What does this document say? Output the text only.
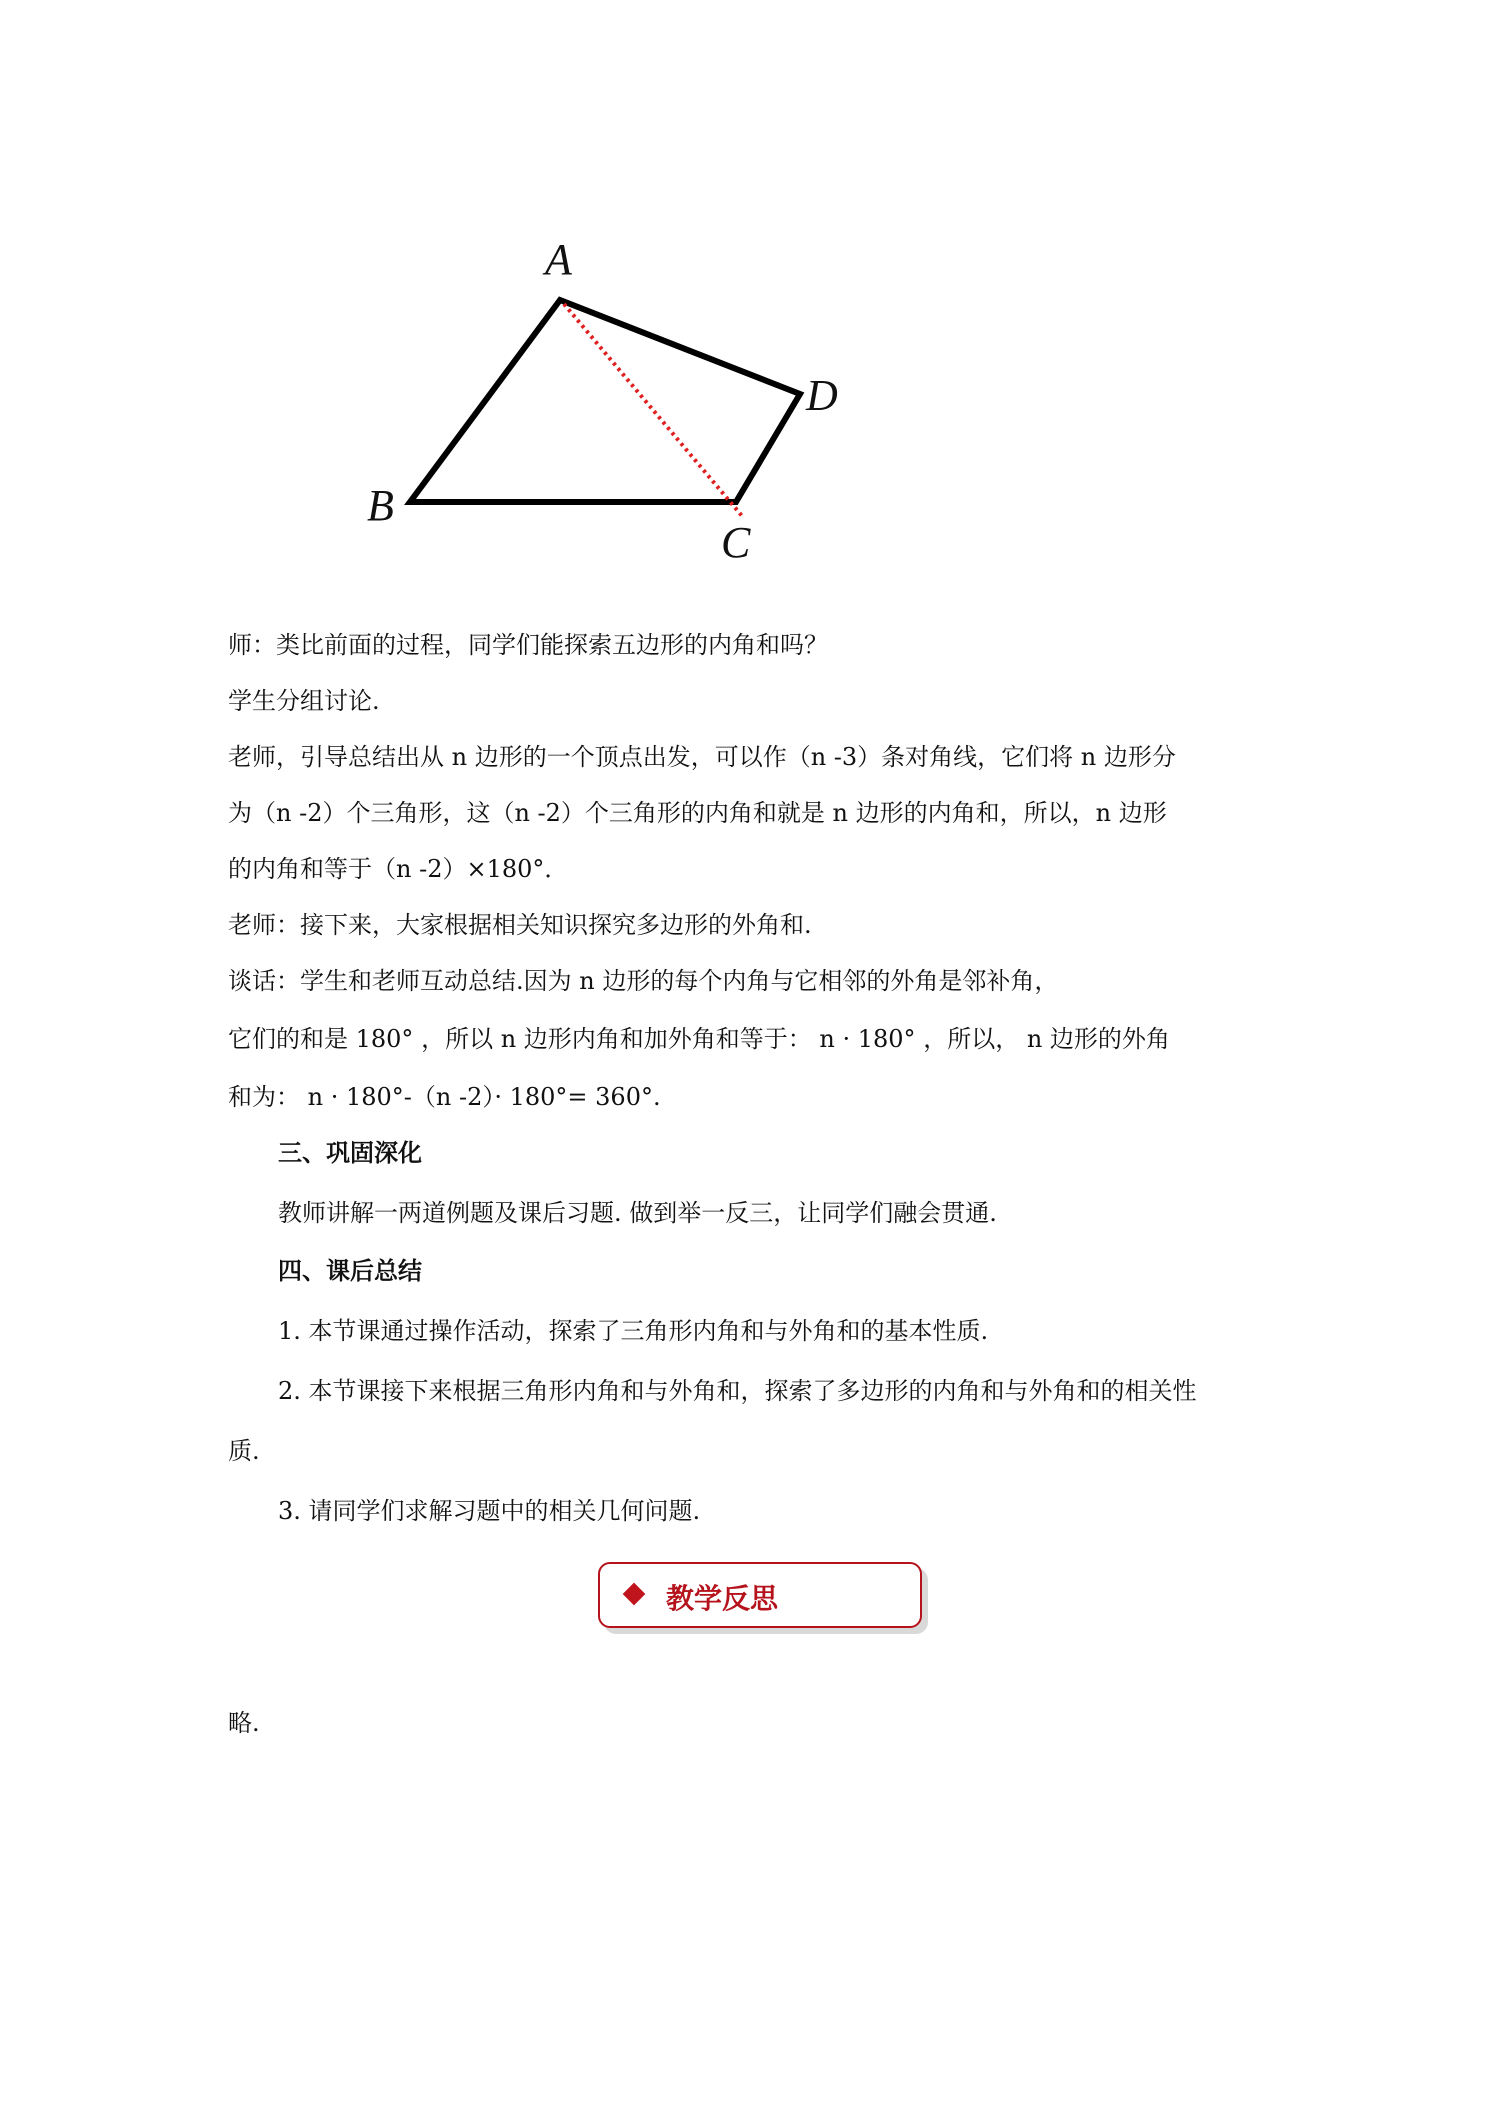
A
B
C
D
师：类比前面的过程，同学们能探索五边形的内角和吗？
学生分组讨论.
老师，引导总结出从 n 边形的一个顶点出发，可以作（n -3）条对角线，它们将 n 边形分
为（n -2）个三角形，这（n -2）个三角形的内角和就是 n 边形的内角和，所以，n 边形
的内角和等于（n -2）×180°．
老师：接下来，大家根据相关知识探究多边形的外角和.
谈话：学生和老师互动总结.因为 n 边形的每个内角与它相邻的外角是邻补角，
它们的和是 180° ，所以 n 边形内角和加外角和等于： n · 180° ，所以， n 边形的外角
和为： n · 180°-（n -2）· 180°= 360°.
三、巩固深化
教师讲解一两道例题及课后习题. 做到举一反三，让同学们融会贯通.
四、课后总结
1. 本节课通过操作活动，探索了三角形内角和与外角和的基本性质.
2. 本节课接下来根据三角形内角和与外角和，探索了多边形的内角和与外角和的相关性
质.
3. 请同学们求解习题中的相关几何问题.
教学反思
略.
